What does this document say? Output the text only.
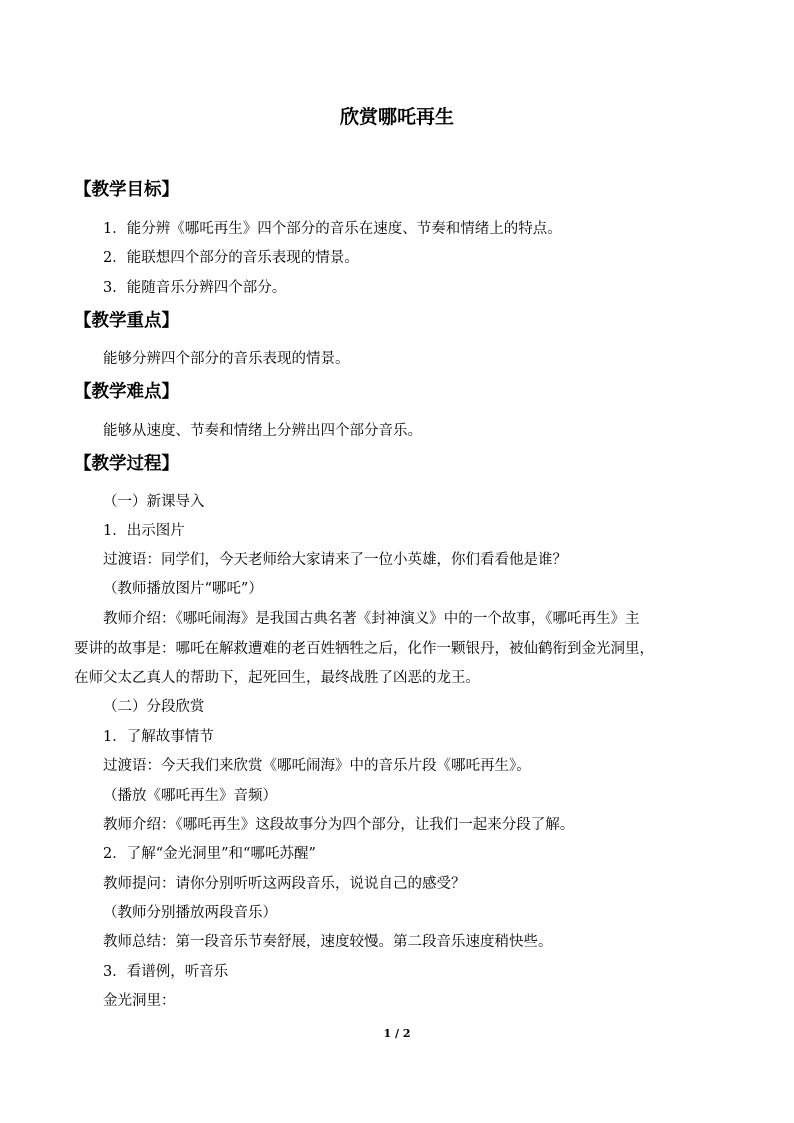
欣赏哪吒再生
【教学目标】
1．能分辨《哪吒再生》四个部分的音乐在速度、节奏和情绪上的特点。
2．能联想四个部分的音乐表现的情景。
3．能随音乐分辨四个部分。
【教学重点】
能够分辨四个部分的音乐表现的情景。
【教学难点】
能够从速度、节奏和情绪上分辨出四个部分音乐。
【教学过程】
（一）新课导入
1．出示图片
过渡语：同学们，今天老师给大家请来了一位小英雄，你们看看他是谁？
（教师播放图片“哪吒”）
教师介绍：《哪吒闹海》是我国古典名著《封神演义》中的一个故事，《哪吒再生》主
要讲的故事是：哪吒在解救遭难的老百姓牺牲之后，化作一颗银丹，被仙鹤衔到金光洞里，
在师父太乙真人的帮助下，起死回生，最终战胜了凶恶的龙王。
（二）分段欣赏
1．了解故事情节
过渡语：今天我们来欣赏《哪吒闹海》中的音乐片段《哪吒再生》。
（播放《哪吒再生》音频）
教师介绍：《哪吒再生》这段故事分为四个部分，让我们一起来分段了解。
2．了解“金光洞里”和“哪吒苏醒”
教师提问：请你分别听听这两段音乐，说说自己的感受？
（教师分别播放两段音乐）
教师总结：第一段音乐节奏舒展，速度较慢。第二段音乐速度稍快些。
3．看谱例，听音乐
金光洞里：
1 / 2
